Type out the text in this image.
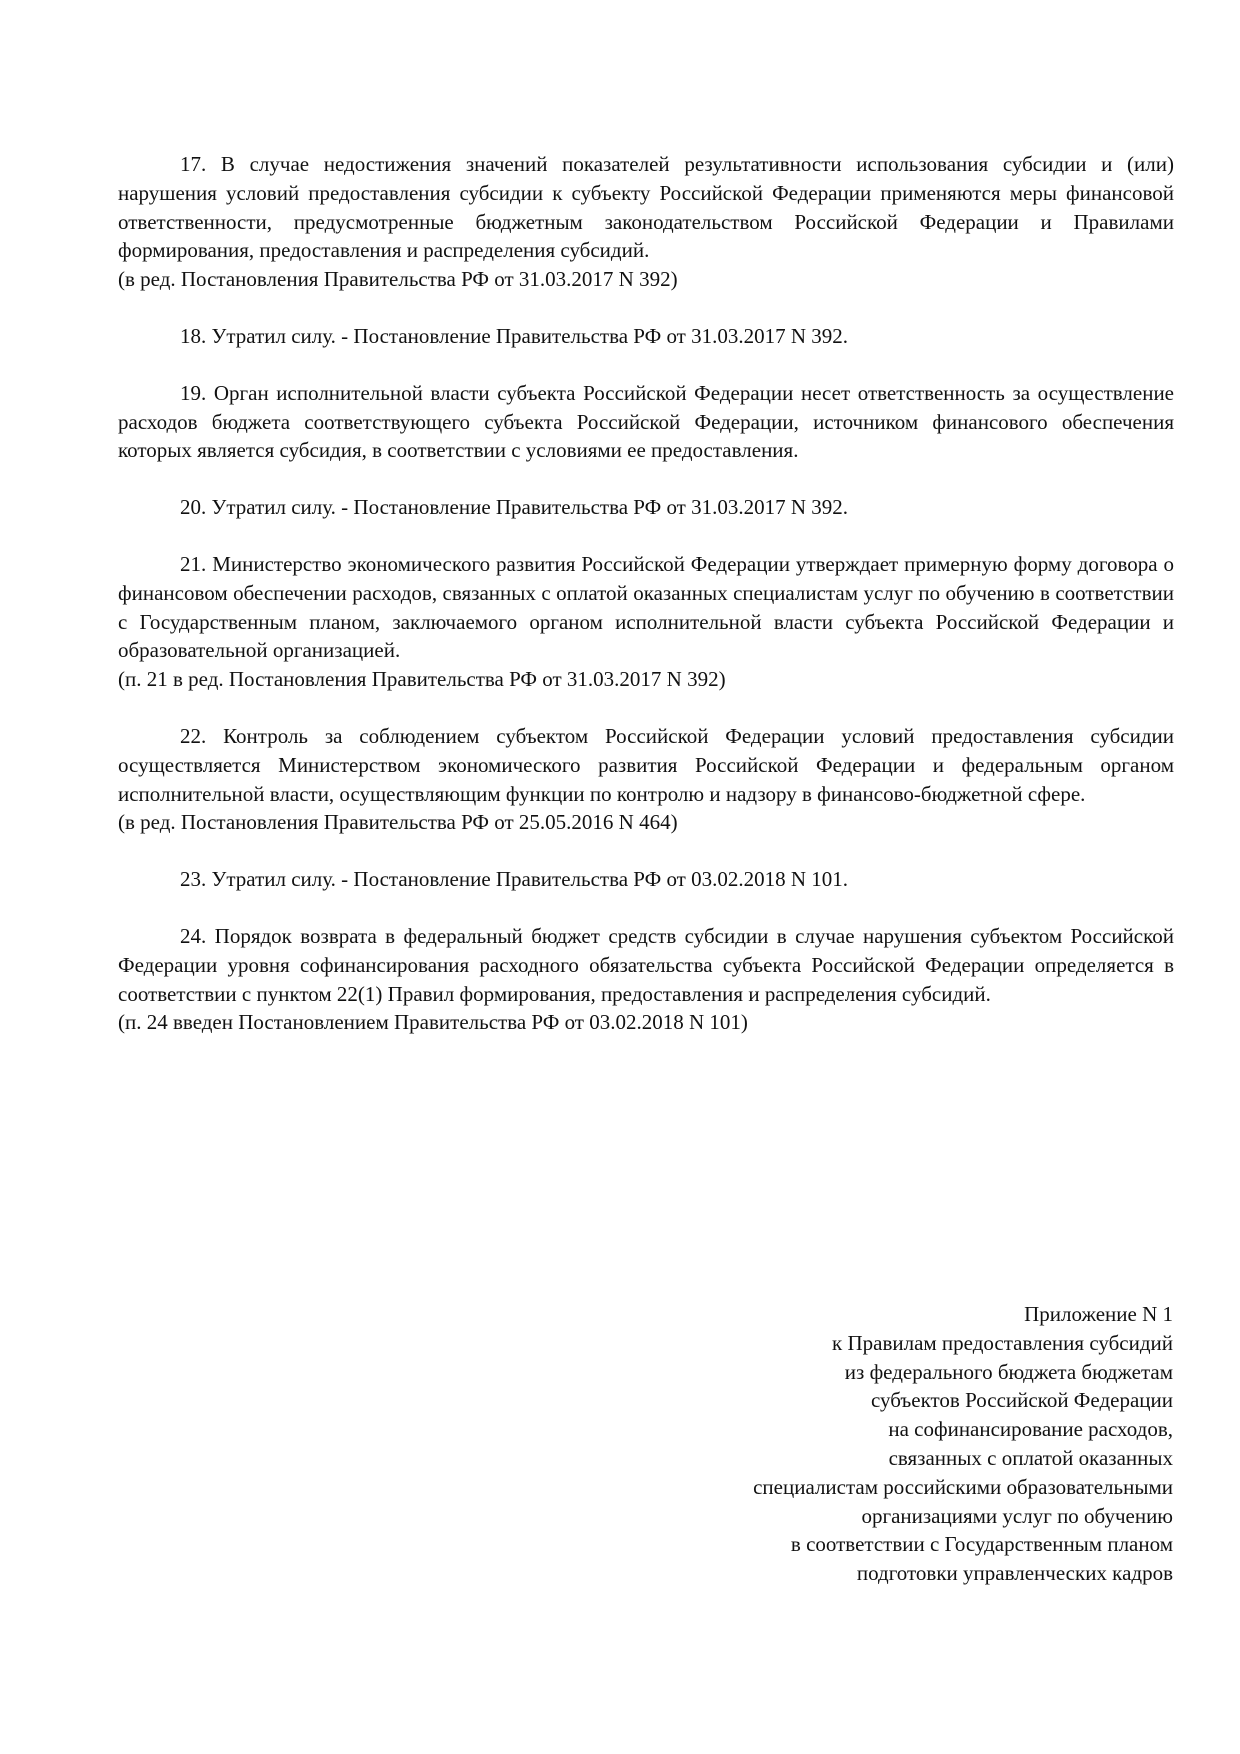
17. В случае недостижения значений показателей результативности использования субсидии и (или) нарушения условий предоставления субсидии к субъекту Российской Федерации применяются меры финансовой ответственности, предусмотренные бюджетным законодательством Российской Федерации и Правилами формирования, предоставления и распределения субсидий.

(в ред. Постановления Правительства РФ от 31.03.2017 N 392)

18. Утратил силу. - Постановление Правительства РФ от 31.03.2017 N 392.

19. Орган исполнительной власти субъекта Российской Федерации несет ответственность за осуществление расходов бюджета соответствующего субъекта Российской Федерации, источником финансового обеспечения которых является субсидия, в соответствии с условиями ее предоставления.

20. Утратил силу. - Постановление Правительства РФ от 31.03.2017 N 392.

21. Министерство экономического развития Российской Федерации утверждает примерную форму договора о финансовом обеспечении расходов, связанных с оплатой оказанных специалистам услуг по обучению в соответствии с Государственным планом, заключаемого органом исполнительной власти субъекта Российской Федерации и образовательной организацией.

(п. 21 в ред. Постановления Правительства РФ от 31.03.2017 N 392)

22. Контроль за соблюдением субъектом Российской Федерации условий предоставления субсидии осуществляется Министерством экономического развития Российской Федерации и федеральным органом исполнительной власти, осуществляющим функции по контролю и надзору в финансово-бюджетной сфере.

(в ред. Постановления Правительства РФ от 25.05.2016 N 464)

23. Утратил силу. - Постановление Правительства РФ от 03.02.2018 N 101.

24. Порядок возврата в федеральный бюджет средств субсидии в случае нарушения субъектом Российской Федерации уровня софинансирования расходного обязательства субъекта Российской Федерации определяется в соответствии с пунктом 22(1) Правил формирования, предоставления и распределения субсидий.

(п. 24 введен Постановлением Правительства РФ от 03.02.2018 N 101)

Приложение N 1
к Правилам предоставления субсидий
из федерального бюджета бюджетам
субъектов Российской Федерации
на софинансирование расходов,
связанных с оплатой оказанных
специалистам российскими образовательными
организациями услуг по обучению
в соответствии с Государственным планом
подготовки управленческих кадров
